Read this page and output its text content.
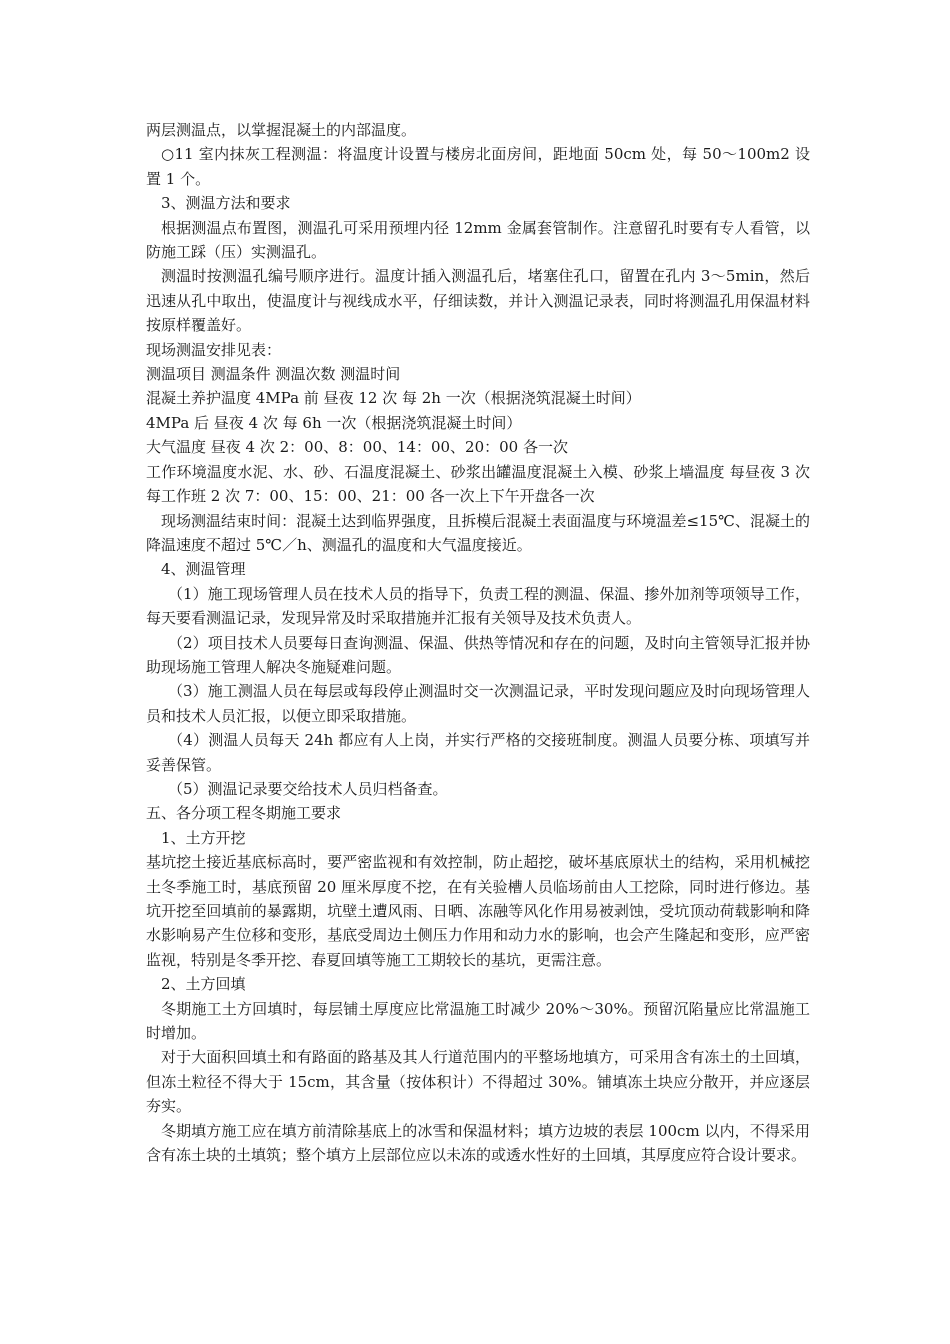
两层测温点，以掌握混凝土的内部温度。

○11 室内抹灰工程测温：将温度计设置与楼房北面房间，距地面 50cm 处，每 50～100m2 设置 1 个。

3、测温方法和要求

根据测温点布置图，测温孔可采用预埋内径 12mm 金属套管制作。注意留孔时要有专人看管，以防施工踩（压）实测温孔。

测温时按测温孔编号顺序进行。温度计插入测温孔后，堵塞住孔口，留置在孔内 3～5min，然后迅速从孔中取出，使温度计与视线成水平，仔细读数，并计入测温记录表，同时将测温孔用保温材料按原样覆盖好。

现场测温安排见表：

测温项目 测温条件 测温次数 测温时间

混凝土养护温度 4MPa 前 昼夜 12 次 每 2h 一次（根据浇筑混凝土时间）

4MPa 后 昼夜 4 次 每 6h 一次（根据浇筑混凝土时间）

大气温度 昼夜 4 次 2：00、8：00、14：00、20：00 各一次

工作环境温度水泥、水、砂、石温度混凝土、砂浆出罐温度混凝土入模、砂浆上墙温度 每昼夜 3 次每工作班 2 次 7：00、15：00、21：00 各一次上下午开盘各一次

现场测温结束时间：混凝土达到临界强度，且拆模后混凝土表面温度与环境温差≤15℃、混凝土的降温速度不超过 5℃／h、测温孔的温度和大气温度接近。

4、测温管理

（1）施工现场管理人员在技术人员的指导下，负责工程的测温、保温、掺外加剂等项领导工作，每天要看测温记录，发现异常及时采取措施并汇报有关领导及技术负责人。

（2）项目技术人员要每日查询测温、保温、供热等情况和存在的问题，及时向主管领导汇报并协助现场施工管理人解决冬施疑难问题。

（3）施工测温人员在每层或每段停止测温时交一次测温记录，平时发现问题应及时向现场管理人员和技术人员汇报，以便立即采取措施。

（4）测温人员每天 24h 都应有人上岗，并实行严格的交接班制度。测温人员要分栋、项填写并妥善保管。

（5）测温记录要交给技术人员归档备查。

五、各分项工程冬期施工要求

1、土方开挖

基坑挖土接近基底标高时，要严密监视和有效控制，防止超挖，破坏基底原状土的结构，采用机械挖土冬季施工时，基底预留 20 厘米厚度不挖，在有关验槽人员临场前由人工挖除，同时进行修边。基坑开挖至回填前的暴露期，坑壁土遭风雨、日晒、冻融等风化作用易被剥蚀，受坑顶动荷载影响和降水影响易产生位移和变形，基底受周边土侧压力作用和动力水的影响，也会产生隆起和变形，应严密监视，特别是冬季开挖、春夏回填等施工工期较长的基坑，更需注意。

2、土方回填

冬期施工土方回填时，每层铺土厚度应比常温施工时减少 20%～30%。预留沉陷量应比常温施工时增加。

对于大面积回填土和有路面的路基及其人行道范围内的平整场地填方，可采用含有冻土的土回填，但冻土粒径不得大于 15cm，其含量（按体积计）不得超过 30%。铺填冻土块应分散开，并应逐层夯实。

冬期填方施工应在填方前清除基底上的冰雪和保温材料；填方边坡的表层 100cm 以内，不得采用含有冻土块的土填筑；整个填方上层部位应以未冻的或透水性好的土回填，其厚度应符合设计要求。
